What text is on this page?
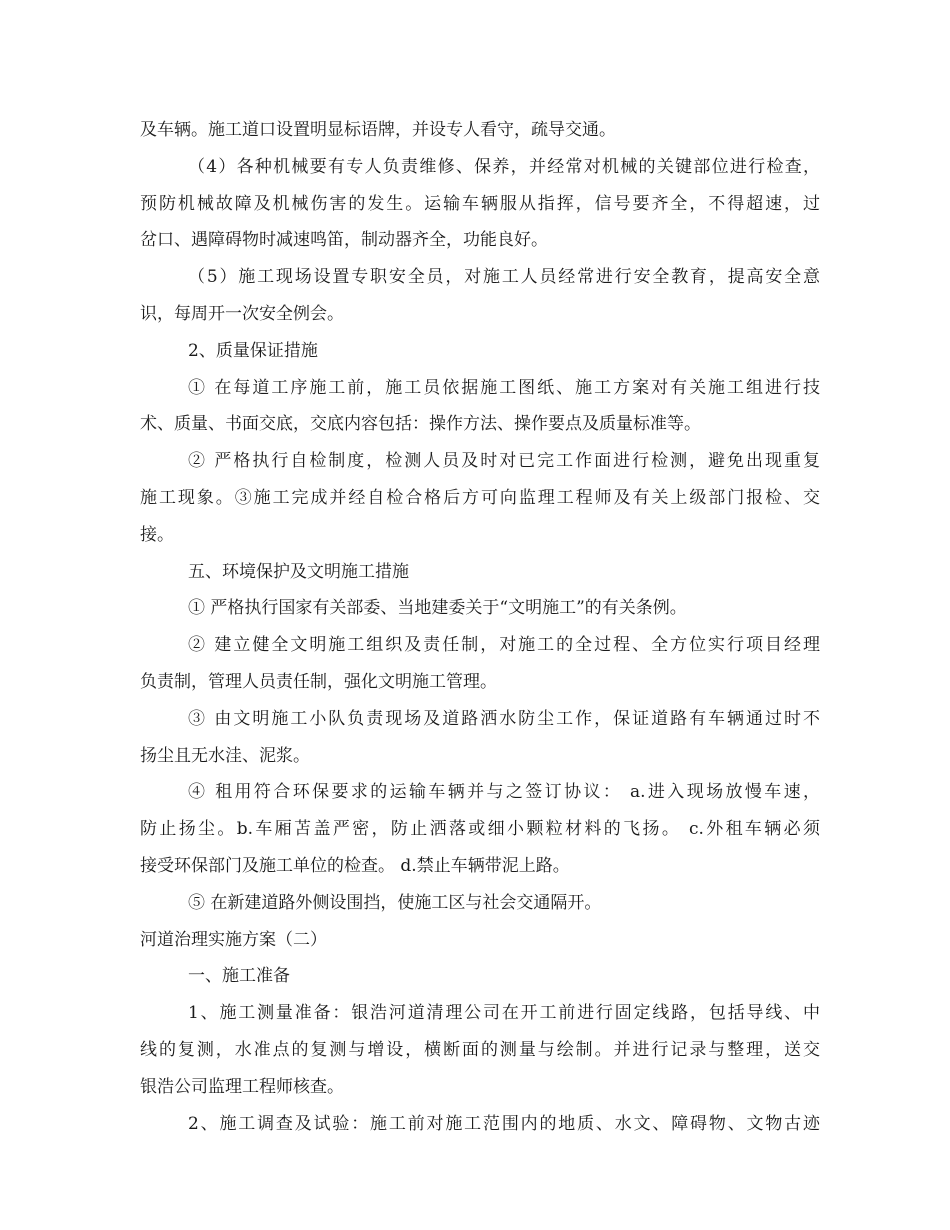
及车辆。施工道口设置明显标语牌，并设专人看守，疏导交通。
（4）各种机械要有专人负责维修、保养，并经常对机械的关键部位进行检查，
预防机械故障及机械伤害的发生。运输车辆服从指挥，信号要齐全，不得超速，过
岔口、遇障碍物时减速鸣笛，制动器齐全，功能良好。
（5）施工现场设置专职安全员，对施工人员经常进行安全教育，提高安全意
识，每周开一次安全例会。
2、质量保证措施
① 在每道工序施工前，施工员依据施工图纸、施工方案对有关施工组进行技
术、质量、书面交底，交底内容包括：操作方法、操作要点及质量标准等。
② 严格执行自检制度，检测人员及时对已完工作面进行检测，避免出现重复
施工现象。③施工完成并经自检合格后方可向监理工程师及有关上级部门报检、交
接。
五、环境保护及文明施工措施
① 严格执行国家有关部委、当地建委关于“文明施工”的有关条例。
② 建立健全文明施工组织及责任制，对施工的全过程、全方位实行项目经理
负责制，管理人员责任制，强化文明施工管理。
③ 由文明施工小队负责现场及道路洒水防尘工作，保证道路有车辆通过时不
扬尘且无水洼、泥浆。
④ 租用符合环保要求的运输车辆并与之签订协议： a.进入现场放慢车速，
防止扬尘。b.车厢苫盖严密，防止洒落或细小颗粒材料的飞扬。 c.外租车辆必须
接受环保部门及施工单位的检查。 d.禁止车辆带泥上路。
⑤ 在新建道路外侧设围挡，使施工区与社会交通隔开。
河道治理实施方案（二）
一、施工准备
1、施工测量准备：银浩河道清理公司在开工前进行固定线路，包括导线、中
线的复测，水准点的复测与增设，横断面的测量与绘制。并进行记录与整理，送交
银浩公司监理工程师核查。
2、施工调查及试验：施工前对施工范围内的地质、水文、障碍物、文物古迹
